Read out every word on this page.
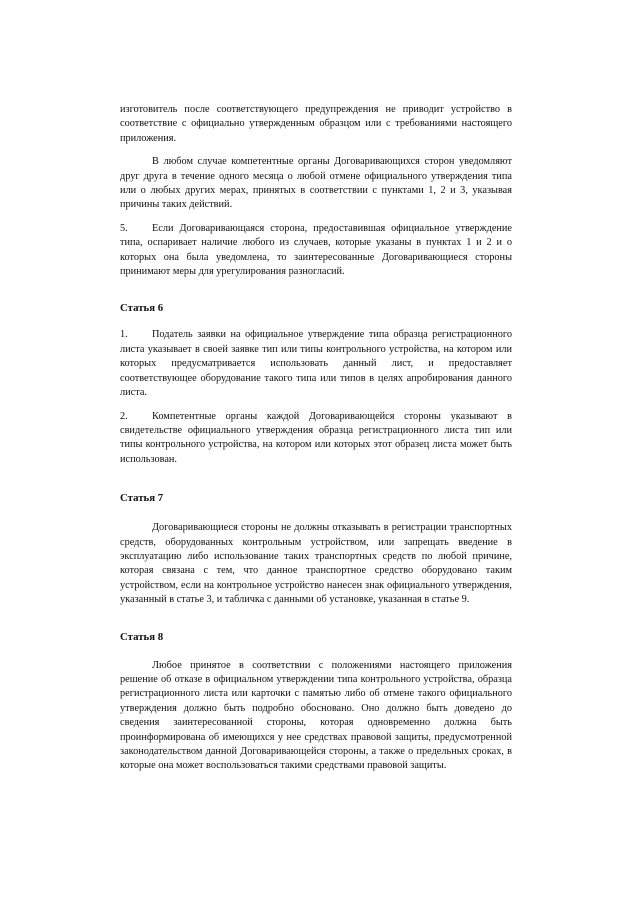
изготовитель после соответствующего предупреждения не приводит устройство в соответствие с официально утвержденным образцом или с требованиями настоящего приложения.

В любом случае компетентные органы Договаривающихся сторон уведомляют друг друга в течение одного месяца о любой отмене официального утверждения типа или о любых других мерах, принятых в соответствии с пунктами 1, 2 и 3, указывая причины таких действий.

5. Если Договаривающаяся сторона, предоставившая официальное утверждение типа, оспаривает наличие любого из случаев, которые указаны в пунктах 1 и 2 и о которых она была уведомлена, то заинтересованные Договаривающиеся стороны принимают меры для урегулирования разногласий.

Статья 6

1. Податель заявки на официальное утверждение типа образца регистрационного листа указывает в своей заявке тип или типы контрольного устройства, на котором или которых предусматривается использовать данный лист, и предоставляет соответствующее оборудование такого типа или типов в целях апробирования данного листа.

2. Компетентные органы каждой Договаривающейся стороны указывают в свидетельстве официального утверждения образца регистрационного листа тип или типы контрольного устройства, на котором или которых этот образец листа может быть использован.

Статья 7

Договаривающиеся стороны не должны отказывать в регистрации транспортных средств, оборудованных контрольным устройством, или запрещать введение в эксплуатацию либо использование таких транспортных средств по любой причине, которая связана с тем, что данное транспортное средство оборудовано таким устройством, если на контрольное устройство нанесен знак официального утверждения, указанный в статье 3, и табличка с данными об установке, указанная в статье 9.

Статья 8

Любое принятое в соответствии с положениями настоящего приложения решение об отказе в официальном утверждении типа контрольного устройства, образца регистрационного листа или карточки с памятью либо об отмене такого официального утверждения должно быть подробно обосновано. Оно должно быть доведено до сведения заинтересованной стороны, которая одновременно должна быть проинформирована об имеющихся у нее средствах правовой защиты, предусмотренной законодательством данной Договаривающейся стороны, а также о предельных сроках, в которые она может воспользоваться такими средствами правовой защиты.
